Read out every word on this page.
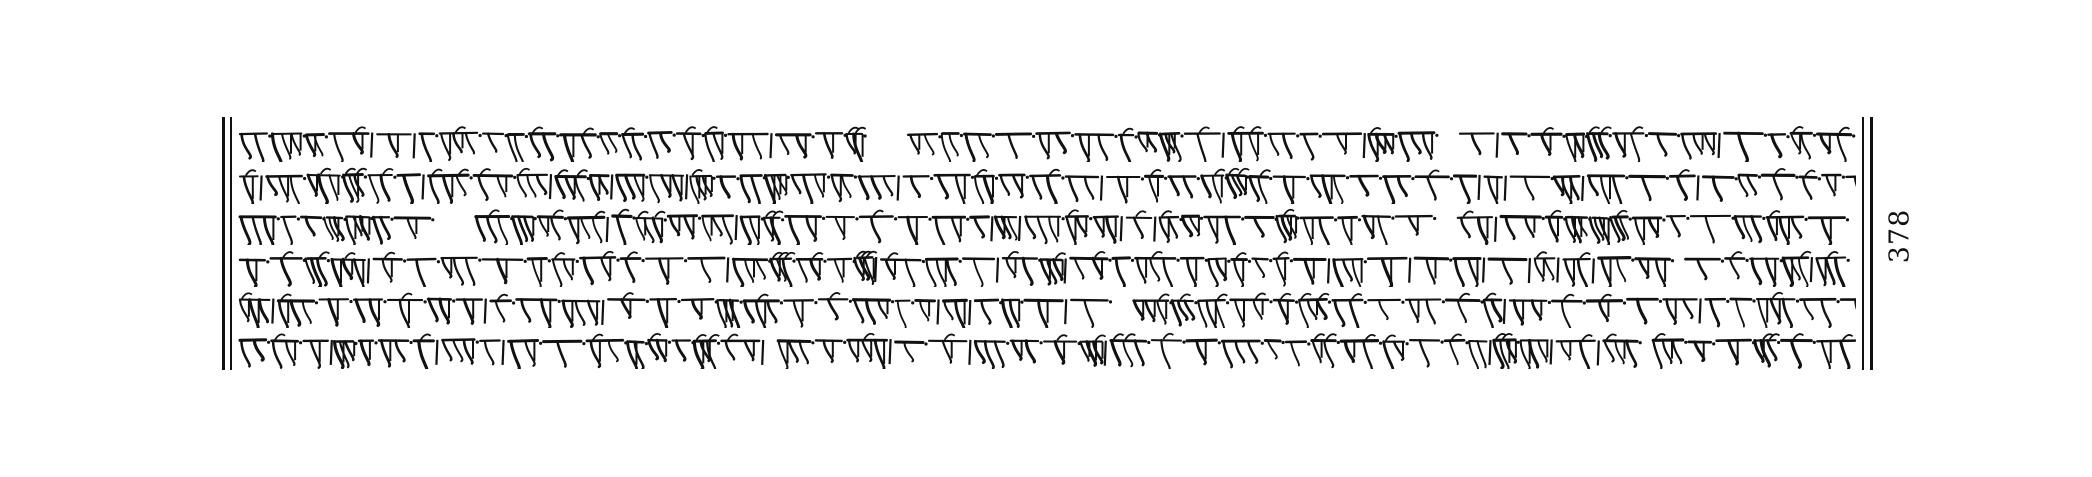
378
